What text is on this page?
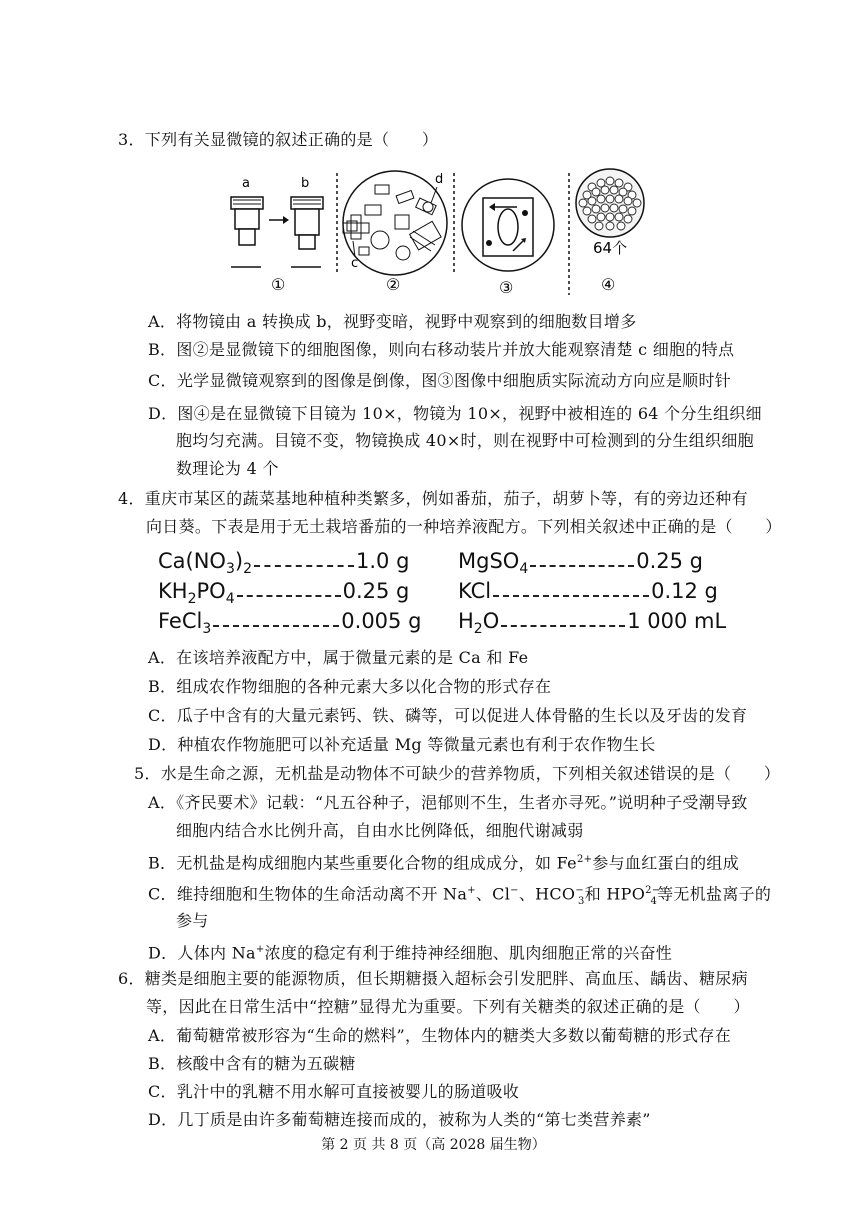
3．下列有关显微镜的叙述正确的是（　　）
a	b
①
d
c
②	③
64个
④
A．将物镜由 a 转换成 b，视野变暗，视野中观察到的细胞数目增多
B．图②是显微镜下的细胞图像，则向右移动装片并放大能观察清楚 c 细胞的特点
C．光学显微镜观察到的图像是倒像，图③图像中细胞质实际流动方向应是顺时针
D．图④是在显微镜下目镜为 10×，物镜为 10×，视野中被相连的 64 个分生组织细
胞均匀充满。目镜不变，物镜换成 40×时，则在视野中可检测到的分生组织细胞
数理论为 4 个
4．重庆市某区的蔬菜基地种植种类繁多，例如番茄，茄子，胡萝卜等，有的旁边还种有
向日葵。下表是用于无土栽培番茄的一种培养液配方。下列相关叙述中正确的是（　　）
$Ca(NO_3)_2$	1.0 g MgSO$_4$	0.25 g
$KH_2PO_4$	0.25 g KCl	0.12 g
FeCl$_3$	0.005 g $H_2O$	1 000 mL
A．在该培养液配方中，属于微量元素的是 Ca 和 Fe
B．组成农作物细胞的各种元素大多以化合物的形式存在
C．瓜子中含有的大量元素钙、铁、磷等，可以促进人体骨骼的生长以及牙齿的发育
D．种植农作物施肥可以补充适量 Mg 等微量元素也有利于农作物生长
5．水是生命之源，无机盐是动物体不可缺少的营养物质，下列相关叙述错误的是（　　）
A．《齐民要术》记载：“凡五谷种子，浥郁则不生，生者亦寻死。”说明种子受潮导致
细胞内结合水比例升高，自由水比例降低，细胞代谢减弱
B．无机盐是构成细胞内某些重要化合物的组成成分，如 $Fe^{2+}$参与血红蛋白的组成
C．维持细胞和生物体的生命活动离不开 Na+、Cl−、$HCO^-_3$和 $HPO^{2-}_4$等无机盐离子的
参与
D．人体内 Na+浓度的稳定有利于维持神经细胞、肌肉细胞正常的兴奋性
6．糖类是细胞主要的能源物质，但长期糖摄入超标会引发肥胖、高血压、龋齿、糖尿病
等，因此在日常生活中“控糖”显得尤为重要。下列有关糖类的叙述正确的是（　　）
A．葡萄糖常被形容为“生命的燃料”，生物体内的糖类大多数以葡萄糖的形式存在
B．核酸中含有的糖为五碳糖
C．乳汁中的乳糖不用水解可直接被婴儿的肠道吸收
D．几丁质是由许多葡萄糖连接而成的，被称为人类的“第七类营养素”
第 2 页 共 8 页（高 2028 届生物）
